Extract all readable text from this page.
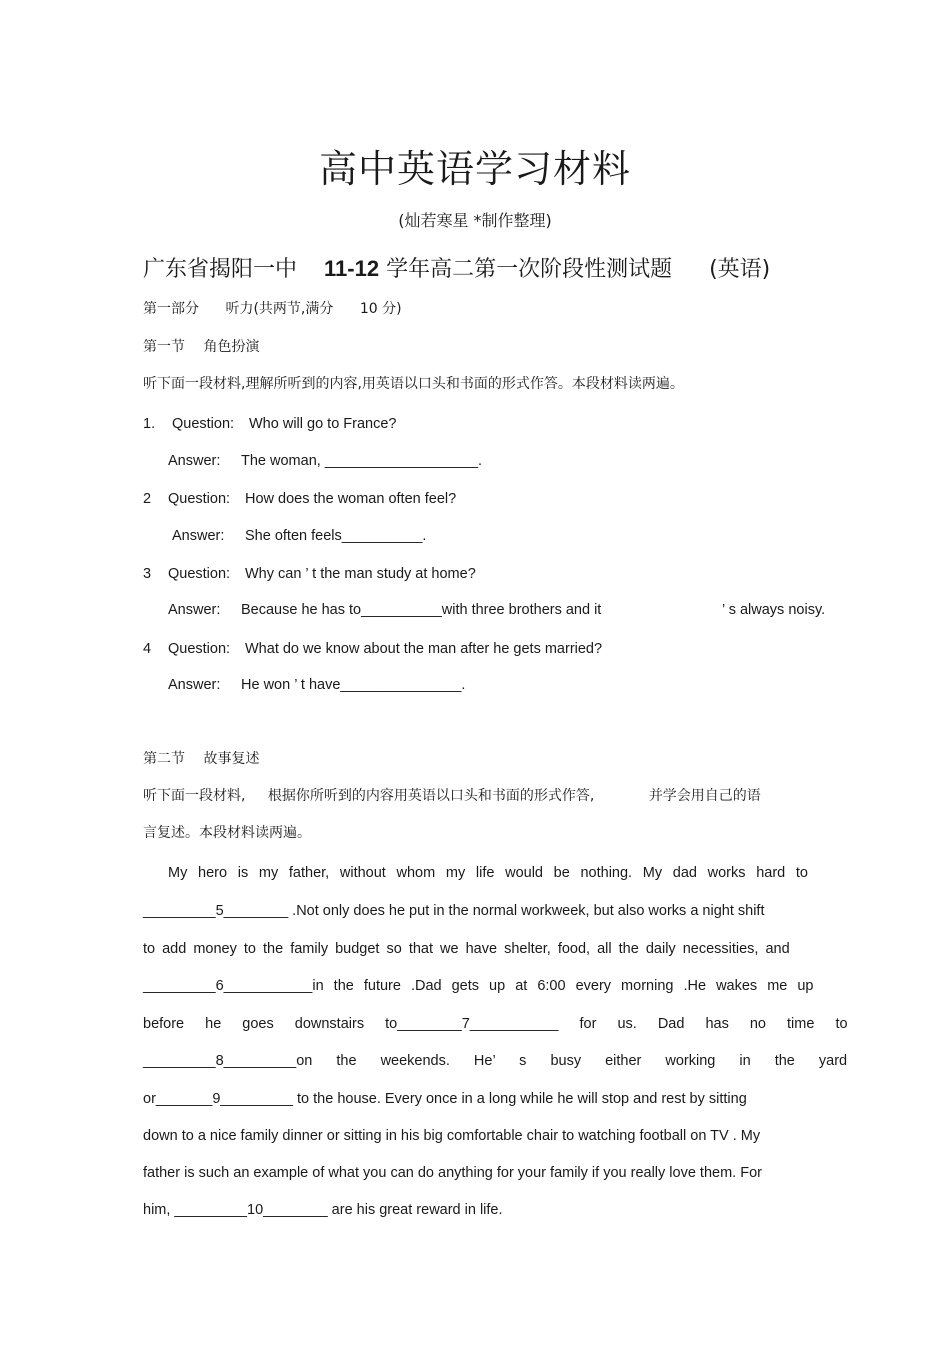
高中英语学习材料
(灿若寒星 *制作整理)
广东省揭阳一中 11-12 学年高二第一次阶段性测试题 (英语)
第一部分 听力(共两节,满分 10 分)
第一节 角色扮演
听下面一段材料,理解所听到的内容,用英语以口头和书面的形式作答。本段材料读两遍。
1. Question: Who will go to France?
Answer: The woman, ___________________.
2 Question: How does the woman often feel?
Answer: She often feels__________.
3 Question: Why can ’ t the man study at home?
Answer: Because he has to__________with three brothers and it	’ s always noisy.
4 Question: What do we know about the man after he gets married?
Answer: He won ’ t have_______________.
第二节 故事复述
听下面一段材料, 根据你所听到的内容用英语以口头和书面的形式作答,	并学会用自己的语
言复述。本段材料读两遍。
My hero is my father, without whom my life would be nothing. My dad works hard to
_________5________ .Not only does he put in the normal workweek, but also works a night shift
to add money to the family budget so that we have shelter, food, all the daily necessities, and
_________6___________in the future .Dad gets up at 6:00 every morning .He wakes me up
before he goes downstairs to________7___________ for us. Dad has no time to
_________8_________on the weekends. He’ s busy either working in the yard
or_______9_________ to the house. Every once in a long while he will stop and rest by sitting
down to a nice family dinner or sitting in his big comfortable chair to watching football on TV . My
father is such an example of what you can do anything for your family if you really love them. For
him, _________10________ are his great reward in life.
